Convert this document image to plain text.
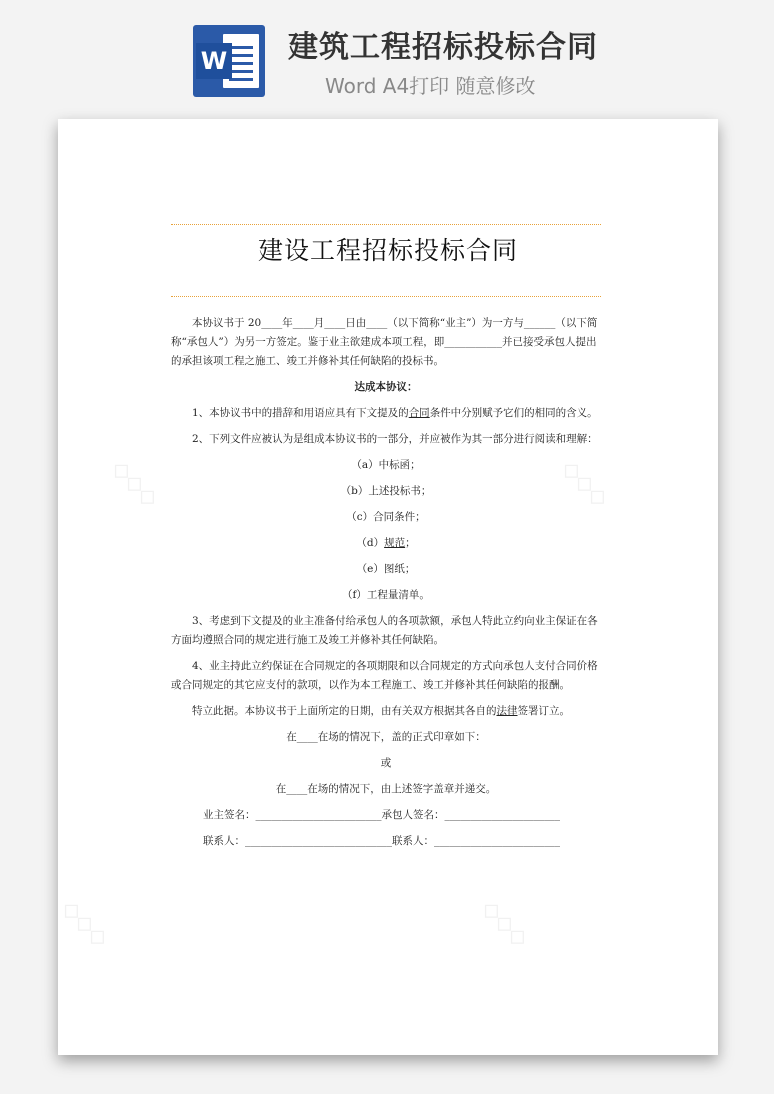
W 建筑工程招标投标合同
Word A4打印 随意修改
建设工程招标投标合同

本协议书于 20____年____月____日由____（以下简称“业主”）为一方与______（以下简称“承包人”）为另一方签定。鉴于业主欲建成本项工程，即___________并已接受承包人提出的承担该项工程之施工、竣工并修补其任何缺陷的投标书。

达成本协议：

1、本协议书中的措辞和用语应具有下文提及的合同条件中分别赋予它们的相同的含义。

2、下列文件应被认为是组成本协议书的一部分，并应被作为其一部分进行阅读和理解：

（a）中标函；

（b）上述投标书；

（c）合同条件；

（d）规范；

（e）图纸；

（f）工程量清单。

3、考虑到下文提及的业主准备付给承包人的各项款额，承包人特此立约向业主保证在各方面均遵照合同的规定进行施工及竣工并修补其任何缺陷。

4、业主持此立约保证在合同规定的各项期限和以合同规定的方式向承包人支付合同价格或合同规定的其它应支付的款项，以作为本工程施工、竣工并修补其任何缺陷的报酬。

特立此据。本协议书于上面所定的日期，由有关双方根据其各自的法律签署订立。

在____在场的情况下，盖的正式印章如下：

或

在____在场的情况下，由上述签字盖章并递交。

业主签名：________________________承包人签名：______________________

联系人：____________________________联系人：________________________

◇◇◇	◇◇◇
◇◇◇	◇◇◇
